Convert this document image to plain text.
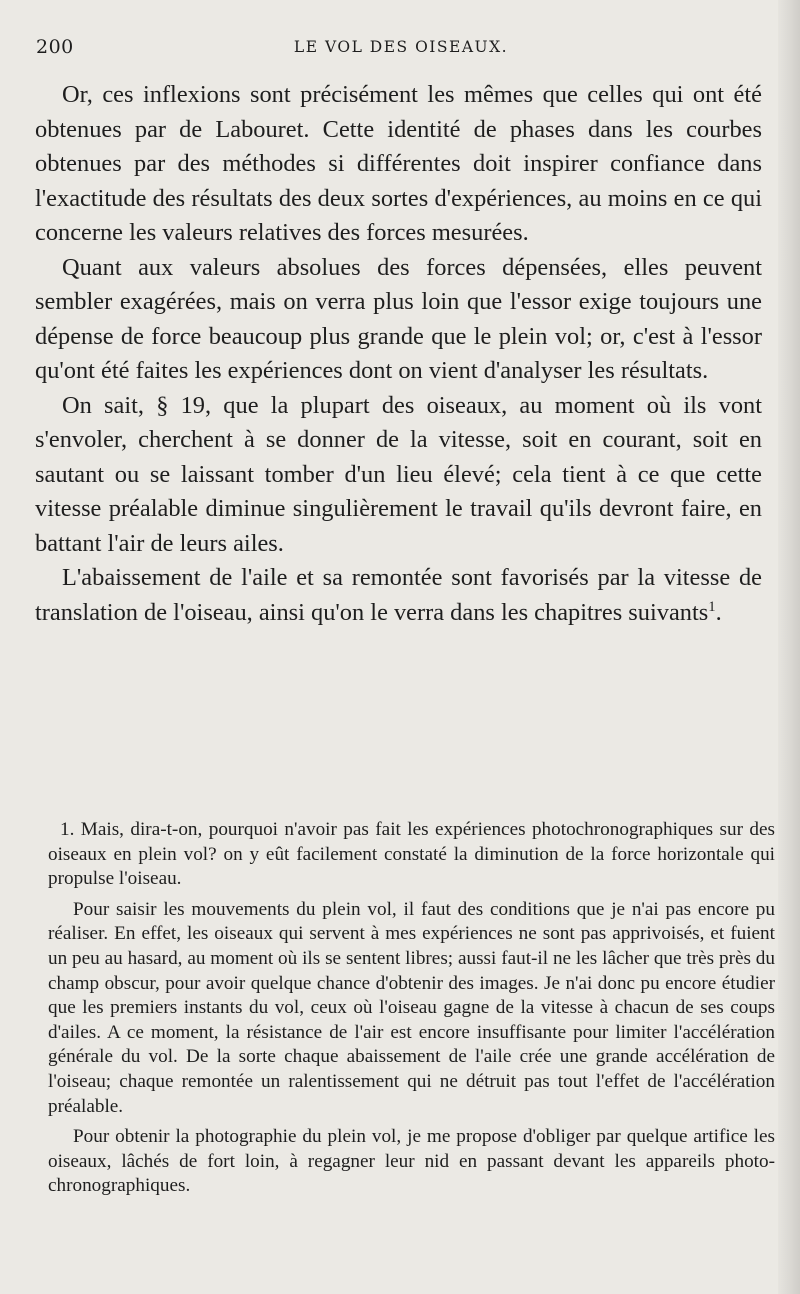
200	LE VOL DES OISEAUX.

Or, ces inflexions sont précisément les mêmes que celles qui ont été obtenues par de Labouret. Cette identité de phases dans les courbes obtenues par des méthodes si différentes doit inspirer confiance dans l'exactitude des résultats des deux sortes d'expériences, au moins en ce qui concerne les valeurs relatives des forces mesurées.

Quant aux valeurs absolues des forces dépensées, elles peuvent sembler exagérées, mais on verra plus loin que l'essor exige toujours une dépense de force beaucoup plus grande que le plein vol; or, c'est à l'essor qu'ont été faites les expériences dont on vient d'analyser les résultats.

On sait, § 19, que la plupart des oiseaux, au moment où ils vont s'envoler, cherchent à se donner de la vitesse, soit en courant, soit en sautant ou se laissant tomber d'un lieu élevé; cela tient à ce que cette vitesse préalable diminue singulièrement le travail qu'ils devront faire, en battant l'air de leurs ailes.

L'abaissement de l'aile et sa remontée sont favorisés par la vitesse de translation de l'oiseau, ainsi qu'on le verra dans les chapitres suivants$^1$.

1. Mais, dira-t-on, pourquoi n'avoir pas fait les expériences photochronographiques sur des oiseaux en plein vol? on y eût facilement constaté la diminution de la force horizontale qui propulse l'oiseau.

Pour saisir les mouvements du plein vol, il faut des conditions que je n'ai pas encore pu réaliser. En effet, les oiseaux qui servent à mes expériences ne sont pas apprivoisés, et fuient un peu au hasard, au moment où ils se sentent libres; aussi faut-il ne les lâcher que très près du champ obscur, pour avoir quelque chance d'obtenir des images. Je n'ai donc pu encore étudier que les premiers instants du vol, ceux où l'oiseau gagne de la vitesse à chacun de ses coups d'ailes. A ce moment, la résistance de l'air est encore insuffisante pour limiter l'accélération générale du vol. De la sorte chaque abaissement de l'aile crée une grande accélération de l'oiseau; chaque remontée un ralentissement qui ne détruit pas tout l'effet de l'accélération préalable.

Pour obtenir la photographie du plein vol, je me propose d'obliger par quelque artifice les oiseaux, lâchés de fort loin, à regagner leur nid en passant devant les appareils photo-chronographiques.
